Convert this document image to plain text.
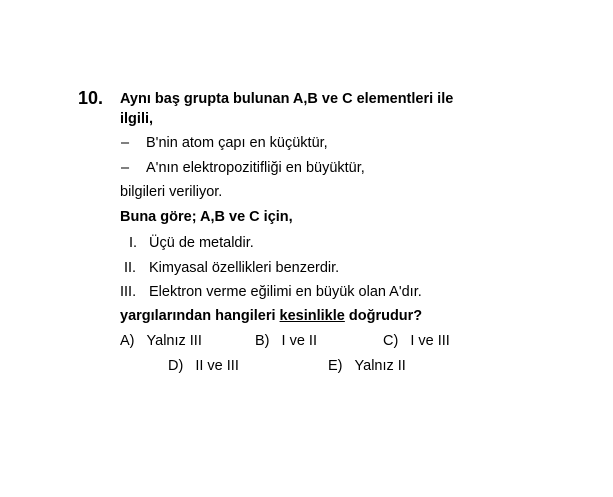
10. Aynı baş grupta bulunan A,B ve C elementleri ile
ilgili,
– B'nin atom çapı en küçüktür,
– A'nın elektropozitifliği en büyüktür,
bilgileri veriliyor.
Buna göre; A,B ve C için,
I. Üçü de metaldir.
II. Kimyasal özellikleri benzerdir.
III. Elektron verme eğilimi en büyük olan A'dır.
yargılarından hangileri kesinlikle doğrudur?
A) Yalnız III	B) I ve II	C) I ve III
D) II ve III	E) Yalnız II
